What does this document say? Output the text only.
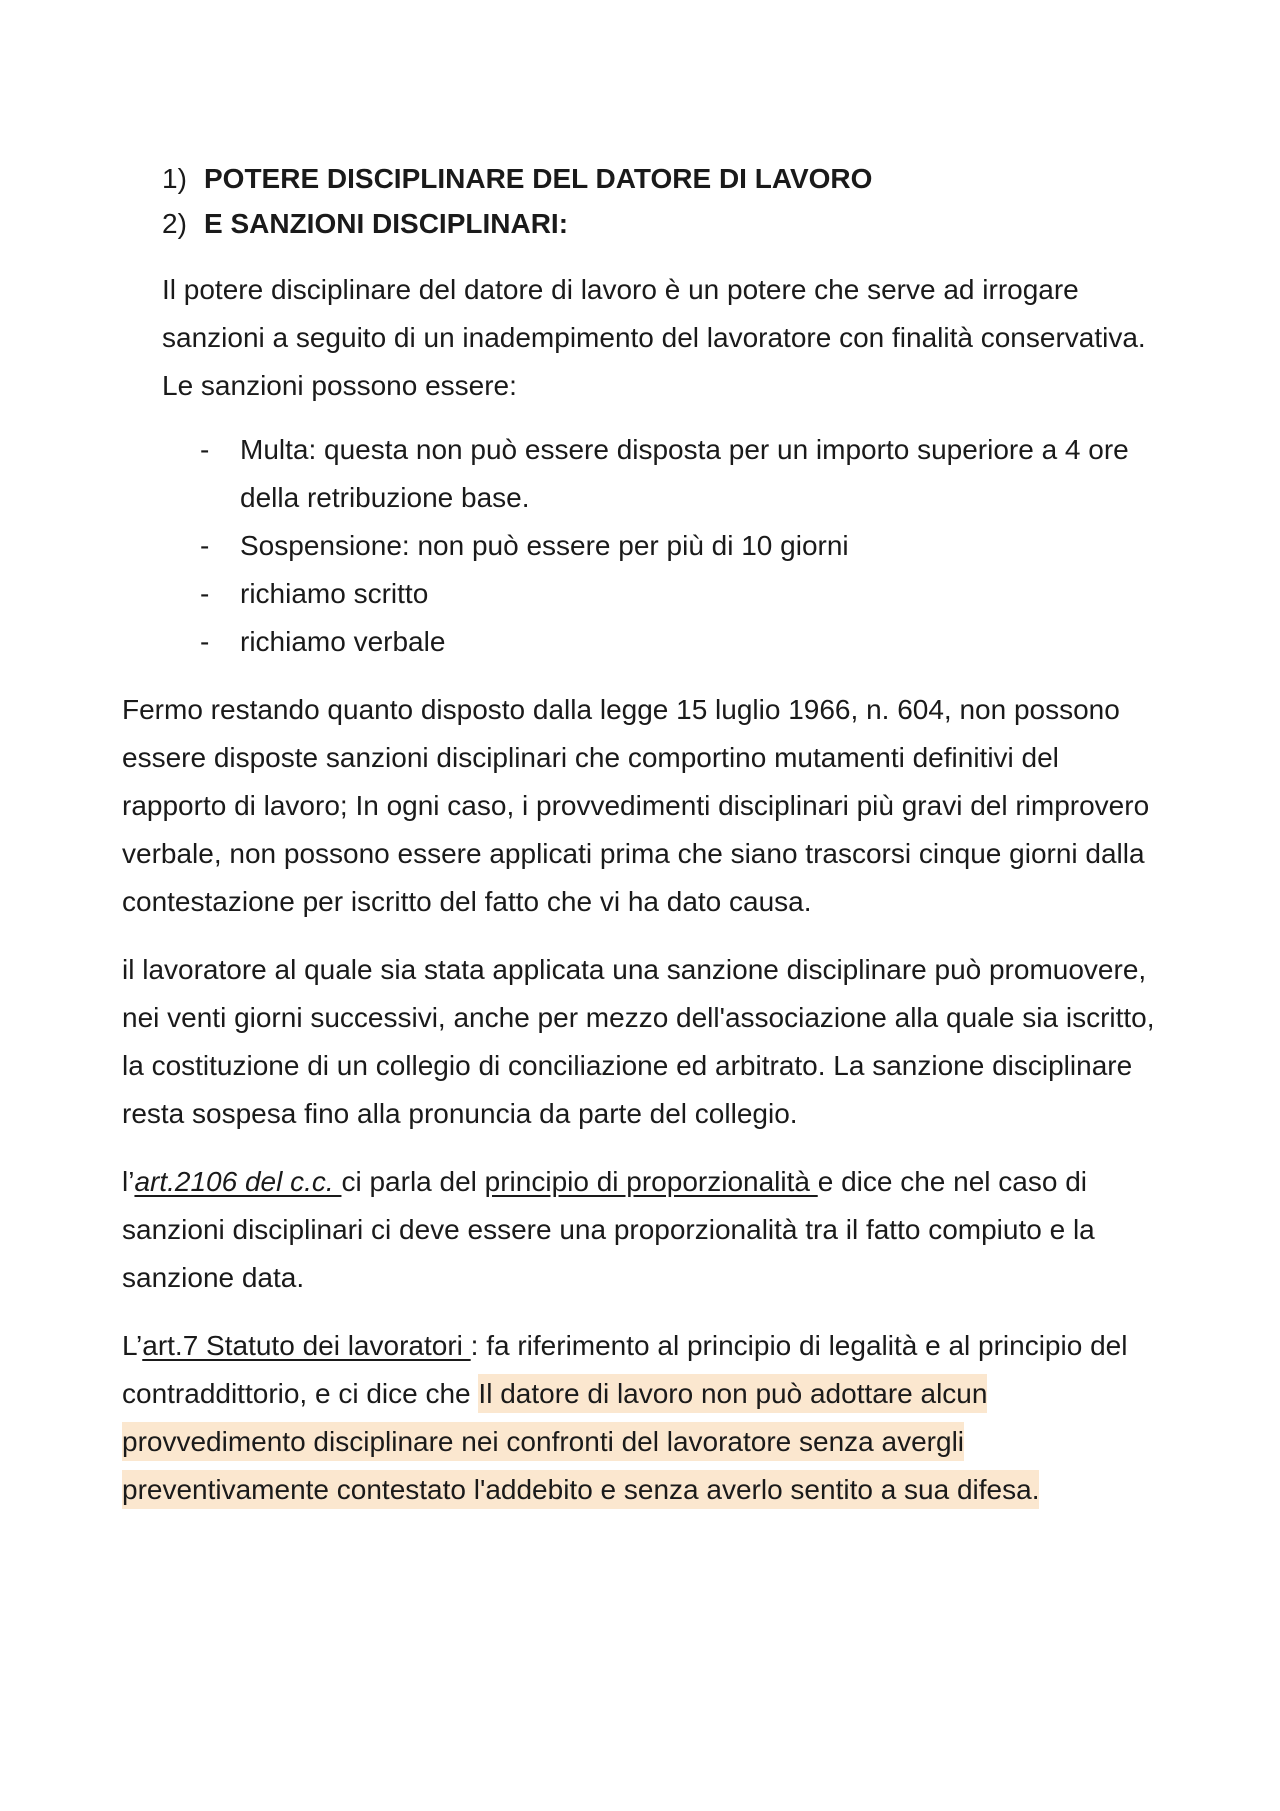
1) POTERE DISCIPLINARE DEL DATORE DI LAVORO
2) E SANZIONI DISCIPLINARI:

Il potere disciplinare del datore di lavoro è un potere che serve ad irrogare sanzioni a seguito di un inadempimento del lavoratore con finalità conservativa. Le sanzioni possono essere:

-	Multa: questa non può essere disposta per un importo superiore a 4 ore della retribuzione base.
-	Sospensione: non può essere per più di 10 giorni
-	richiamo scritto
-	richiamo verbale

Fermo restando quanto disposto dalla legge 15 luglio 1966, n. 604, non possono essere disposte sanzioni disciplinari che comportino mutamenti definitivi del rapporto di lavoro; In ogni caso, i provvedimenti disciplinari più gravi del rimprovero verbale, non possono essere applicati prima che siano trascorsi cinque giorni dalla contestazione per iscritto del fatto che vi ha dato causa.

il lavoratore al quale sia stata applicata una sanzione disciplinare può promuovere, nei venti giorni successivi, anche per mezzo dell'associazione alla quale sia iscritto, la costituzione di un collegio di conciliazione ed arbitrato. La sanzione disciplinare resta sospesa fino alla pronuncia da parte del collegio.

l’art.2106 del c.c. ci parla del principio di proporzionalità e dice che nel caso di sanzioni disciplinari ci deve essere una proporzionalità tra il fatto compiuto e la sanzione data.

L’art.7 Statuto dei lavoratori : fa riferimento al principio di legalità e al principio del contraddittorio, e ci dice che Il datore di lavoro non può adottare alcun provvedimento disciplinare nei confronti del lavoratore senza avergli preventivamente contestato l'addebito e senza averlo sentito a sua difesa.
